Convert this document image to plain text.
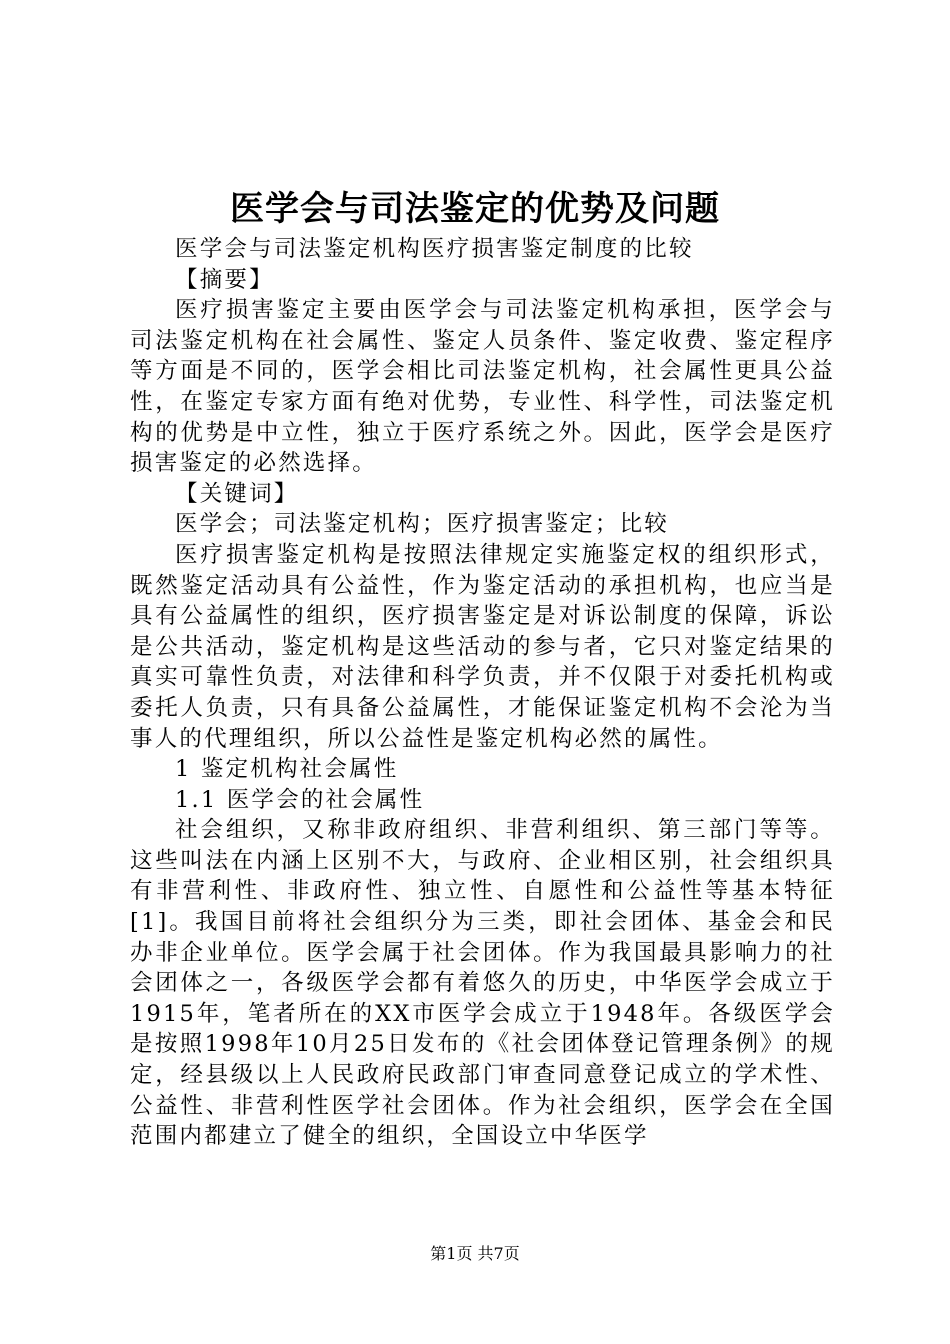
医学会与司法鉴定的优势及问题

医学会与司法鉴定机构医疗损害鉴定制度的比较

【摘要】

医疗损害鉴定主要由医学会与司法鉴定机构承担，医学会与司法鉴定机构在社会属性、鉴定人员条件、鉴定收费、鉴定程序等方面是不同的，医学会相比司法鉴定机构，社会属性更具公益性，在鉴定专家方面有绝对优势，专业性、科学性，司法鉴定机构的优势是中立性，独立于医疗系统之外。因此，医学会是医疗损害鉴定的必然选择。

【关键词】

医学会；司法鉴定机构；医疗损害鉴定；比较

医疗损害鉴定机构是按照法律规定实施鉴定权的组织形式，既然鉴定活动具有公益性，作为鉴定活动的承担机构，也应当是具有公益属性的组织，医疗损害鉴定是对诉讼制度的保障，诉讼是公共活动，鉴定机构是这些活动的参与者，它只对鉴定结果的真实可靠性负责，对法律和科学负责，并不仅限于对委托机构或委托人负责，只有具备公益属性，才能保证鉴定机构不会沦为当事人的代理组织，所以公益性是鉴定机构必然的属性。

1 鉴定机构社会属性

1.1 医学会的社会属性

社会组织，又称非政府组织、非营利组织、第三部门等等。这些叫法在内涵上区别不大，与政府、企业相区别，社会组织具有非营利性、非政府性、独立性、自愿性和公益性等基本特征[1]。我国目前将社会组织分为三类，即社会团体、基金会和民办非企业单位。医学会属于社会团体。作为我国最具影响力的社会团体之一，各级医学会都有着悠久的历史，中华医学会成立于1915年，笔者所在的XX市医学会成立于1948年。各级医学会是按照1998年10月25日发布的《社会团体登记管理条例》的规定，经县级以上人民政府民政部门审查同意登记成立的学术性、公益性、非营利性医学社会团体。作为社会组织，医学会在全国范围内都建立了健全的组织，全国设立中华医学

第1页 共7页
